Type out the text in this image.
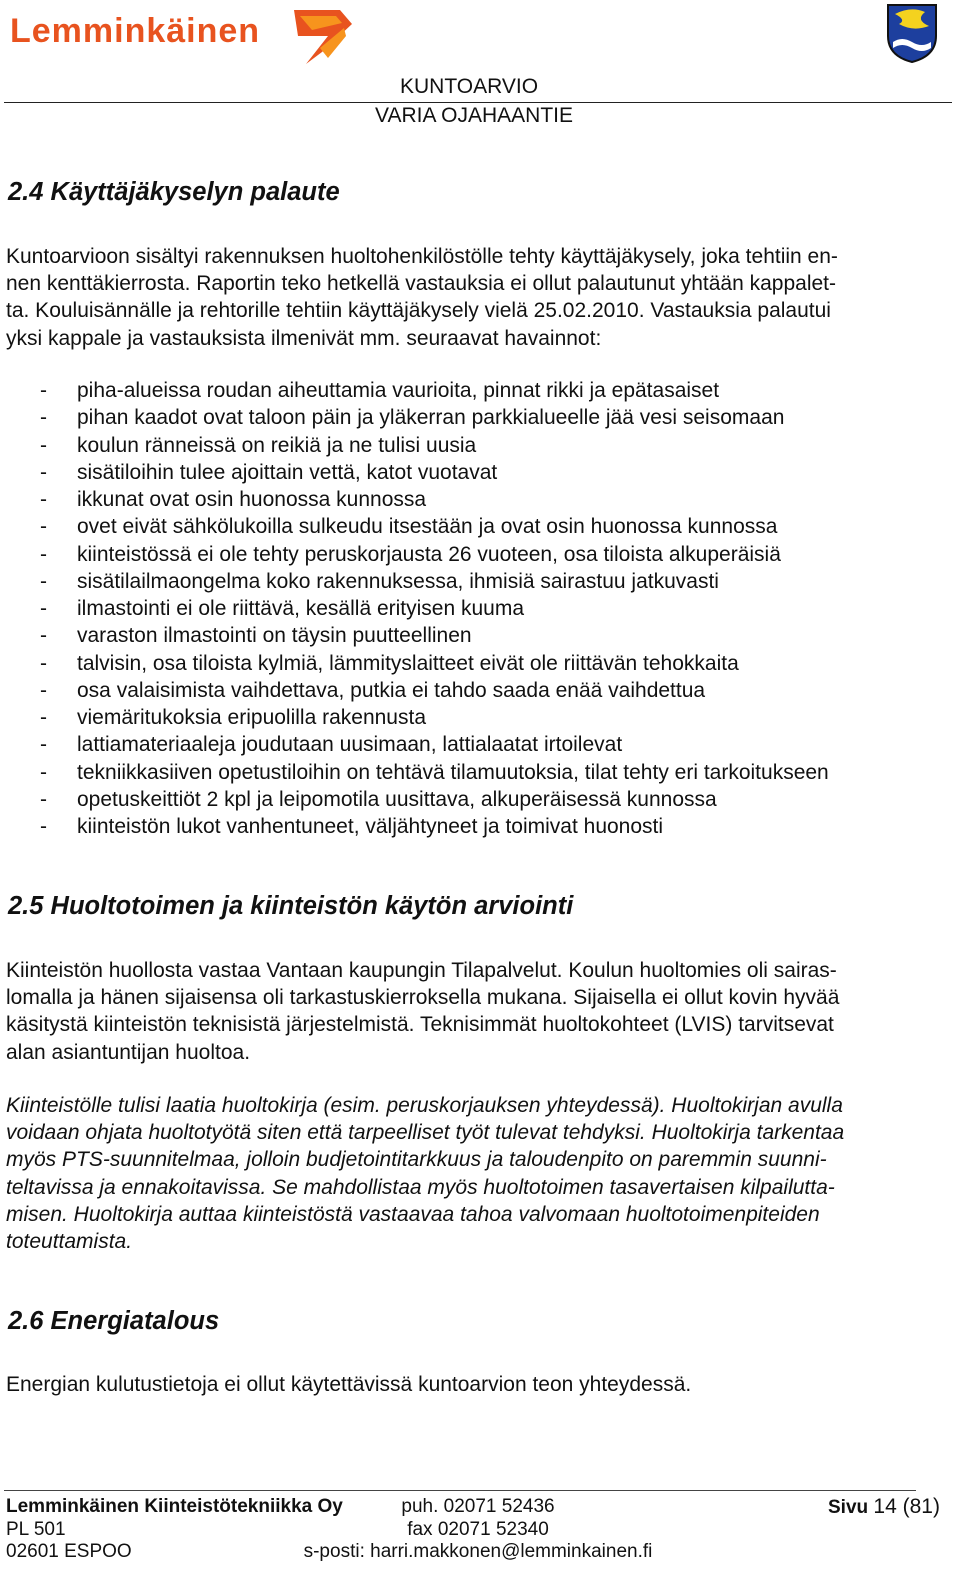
Lemminkäinen
KUNTOARVIO
VARIA OJAHAANTIE
2.4 Käyttäjäkyselyn palaute

Kuntoarvioon sisältyi rakennuksen huoltohenkilöstölle tehty käyttäjäkysely, joka tehtiin en-
nen kenttäkierrosta. Raportin teko hetkellä vastauksia ei ollut palautunut yhtään kappalet-
ta. Kouluisännälle ja rehtorille tehtiin käyttäjäkysely vielä 25.02.2010. Vastauksia palautui
yksi kappale ja vastauksista ilmenivät mm. seuraavat havainnot:

- piha-alueissa roudan aiheuttamia vaurioita, pinnat rikki ja epätasaiset
- pihan kaadot ovat taloon päin ja yläkerran parkkialueelle jää vesi seisomaan
- koulun ränneissä on reikiä ja ne tulisi uusia
- sisätiloihin tulee ajoittain vettä, katot vuotavat
- ikkunat ovat osin huonossa kunnossa
- ovet eivät sähkölukoilla sulkeudu itsestään ja ovat osin huonossa kunnossa
- kiinteistössä ei ole tehty peruskorjausta 26 vuoteen, osa tiloista alkuperäisiä
- sisätilailmaongelma koko rakennuksessa, ihmisiä sairastuu jatkuvasti
- ilmastointi ei ole riittävä, kesällä erityisen kuuma
- varaston ilmastointi on täysin puutteellinen
- talvisin, osa tiloista kylmiä, lämmityslaitteet eivät ole riittävän tehokkaita
- osa valaisimista vaihdettava, putkia ei tahdo saada enää vaihdettua
- viemäritukoksia eripuolilla rakennusta
- lattiamateriaaleja joudutaan uusimaan, lattialaatat irtoilevat
- tekniikkasiiven opetustiloihin on tehtävä tilamuutoksia, tilat tehty eri tarkoitukseen
- opetuskeittiöt 2 kpl ja leipomotila uusittava, alkuperäisessä kunnossa
- kiinteistön lukot vanhentuneet, väljähtyneet ja toimivat huonosti
2.5 Huoltotoimen ja kiinteistön käytön arviointi

Kiinteistön huollosta vastaa Vantaan kaupungin Tilapalvelut. Koulun huoltomies oli sairas-
lomalla ja hänen sijaisensa oli tarkastuskierroksella mukana. Sijaisella ei ollut kovin hyvää
käsitystä kiinteistön teknisistä järjestelmistä. Teknisimmät huoltokohteet (LVIS) tarvitsevat
alan asiantuntijan huoltoa.

Kiinteistölle tulisi laatia huoltokirja (esim. peruskorjauksen yhteydessä). Huoltokirjan avulla
voidaan ohjata huoltotyötä siten että tarpeelliset työt tulevat tehdyksi. Huoltokirja tarkentaa
myös PTS-suunnitelmaa, jolloin budjetointitarkkuus ja taloudenpito on paremmin suunni-
teltavissa ja ennakoitavissa. Se mahdollistaa myös huoltotoimen tasavertaisen kilpailutta-
misen. Huoltokirja auttaa kiinteistöstä vastaavaa tahoa valvomaan huoltotoimenpiteiden
toteuttamista.

2.6 Energiatalous

Energian kulutustietoja ei ollut käytettävissä kuntoarvion teon yhteydessä.

Lemminkäinen Kiinteistötekniikka Oy
PL 501
02601 ESPOO
puh. 02071 52436
fax 02071 52340
s-posti: harri.makkonen@lemminkainen.fi
Sivu 14 (81)
